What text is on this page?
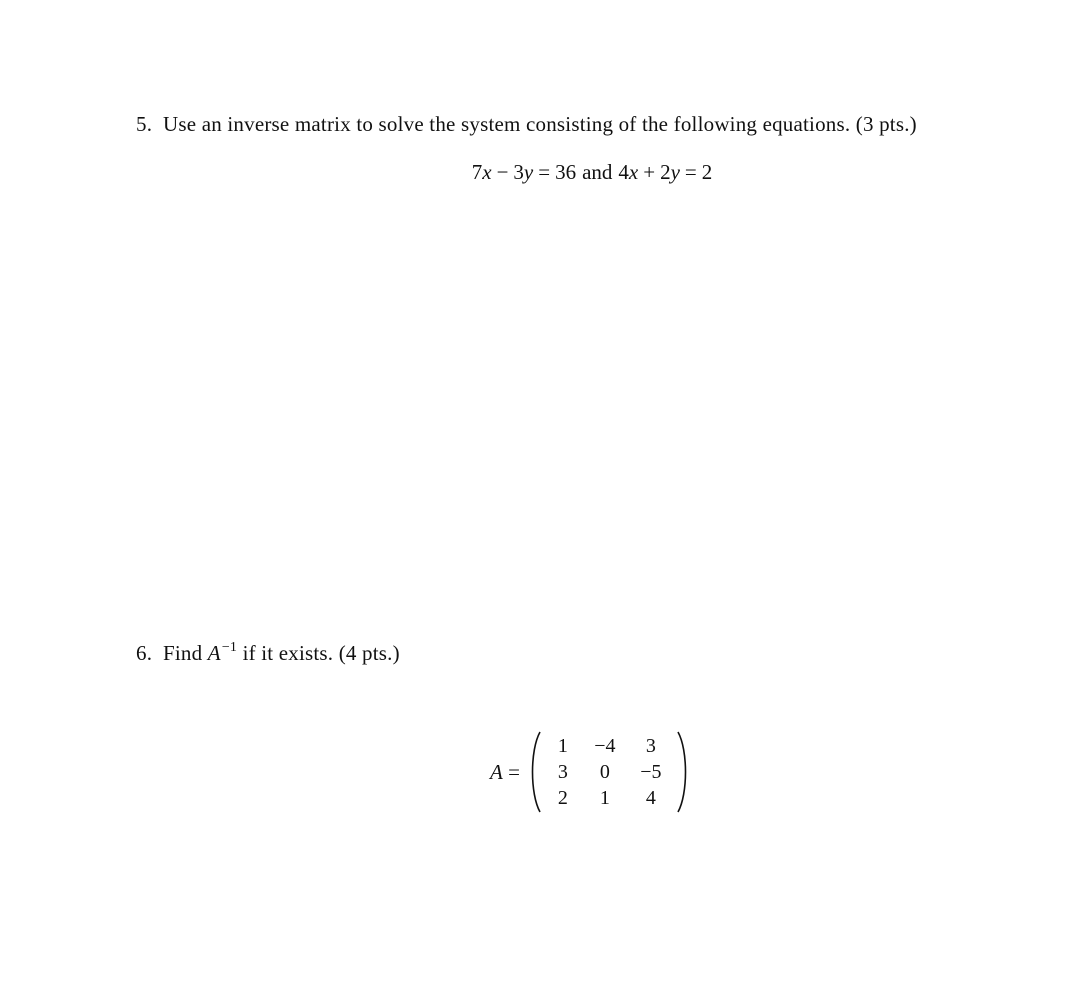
5. Use an inverse matrix to solve the system consisting of the following equations. (3 pts.)
7x − 3y = 36 and 4x + 2y = 2
6. Find $A^{-1}$ if it exists. (4 pts.)
A =
1 −4 3
3 0 −5
2 1 4
